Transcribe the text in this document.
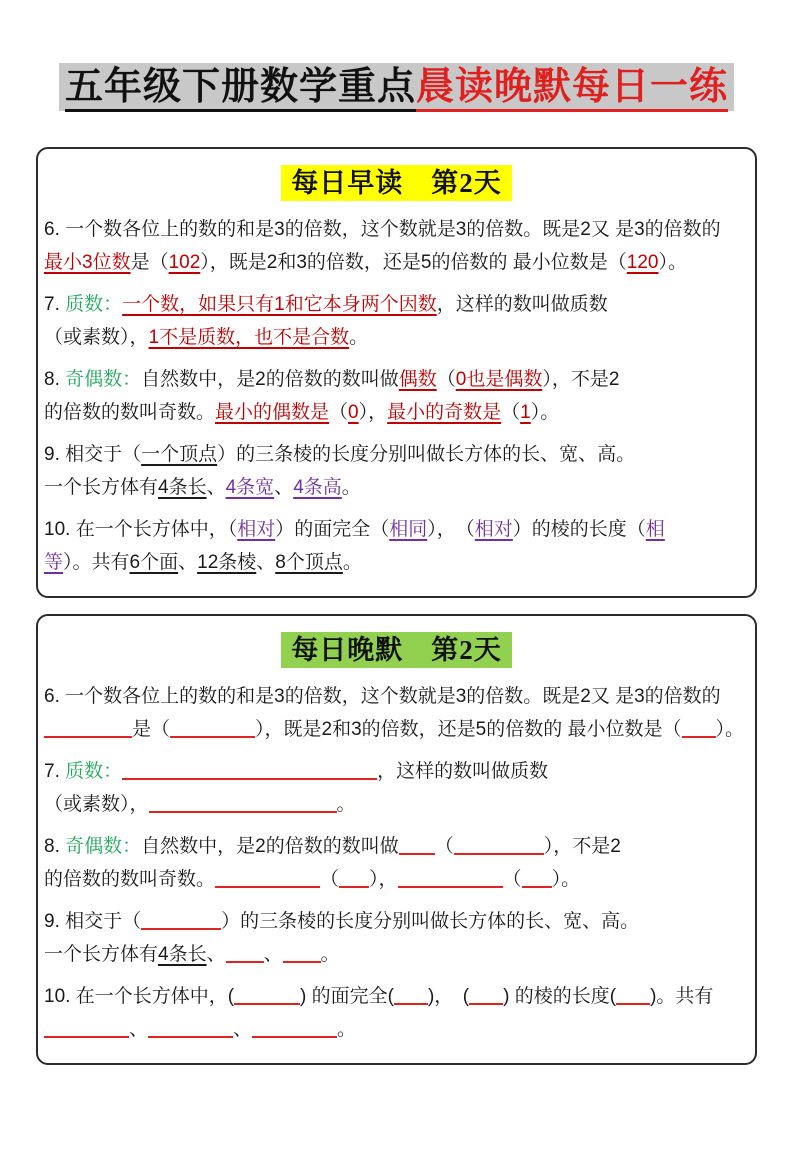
五年级下册数学重点晨读晚默每日一练
每日早读　第2天

6. 一个数各位上的数的和是3的倍数，这个数就是3的倍数。既是2又 是3的倍数的
最小3位数是（102），既是2和3的倍数，还是5的倍数的 最小位数是（120）。

7. 质数：一个数，如果只有1和它本身两个因数，这样的数叫做质数
（或素数），1不是质数，也不是合数。

8. 奇偶数：自然数中，是2的倍数的数叫做偶数（0也是偶数），不是2
的倍数的数叫奇数。最小的偶数是（0），最小的奇数是（1）。

9. 相交于（一个顶点）的三条棱的长度分别叫做长方体的长、宽、高。
一个长方体有4条长、4条宽、4条高。

10. 在一个长方体中，（相对）的面完全（相同），　（相对）的棱的长度（相
等）。共有6个面、12条棱、8个顶点。

每日晚默　第2天

6. 一个数各位上的数的和是3的倍数，这个数就是3的倍数。既是2又 是3的倍数的
是（	），既是2和3的倍数，还是5的倍数的 最小位数是（ ）。

7. 质数：	，这样的数叫做质数
（或素数），	。

8. 奇偶数：自然数中，是2的倍数的数叫做 （	），不是2
的倍数的数叫奇数。	（ ），	（ ）。

9. 相交于（	）的三条棱的长度分别叫做长方体的长、宽、高。
一个长方体有4条长、 、 。

10. 在一个长方体中，(	) 的面完全( )，　( ) 的棱的长度( )。共有
、	、	。
